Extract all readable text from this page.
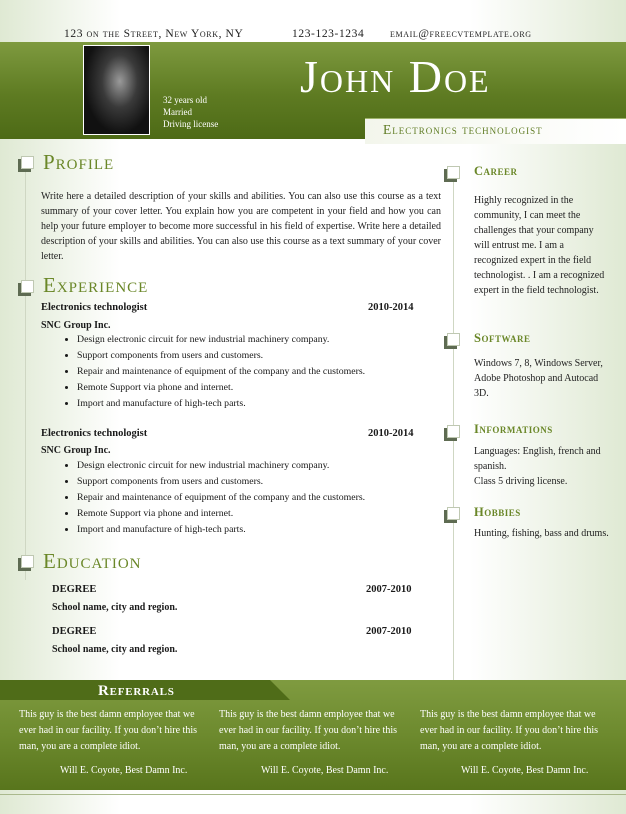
123 on the Street, New York, NY	123-123-1234 email@freecvtemplate.org
32 years old
Married
Driving license
John Doe
Electronics technologist
Profile
Write here a detailed description of your skills and abilities. You can also use this course as a text summary of your cover letter. You explain how you are competent in your field and how you can help your future employer to become more successful in his field of expertise. Write here a detailed description of your skills and abilities. You can also use this course as a text summary of your cover letter.
Experience
Electronics technologist	2010-2014
SNC Group Inc.
• Design electronic circuit for new industrial machinery company.
• Support components from users and customers.
• Repair and maintenance of equipment of the company and the customers.
• Remote Support via phone and internet.
• Import and manufacture of high-tech parts.
Electronics technologist	2010-2014
SNC Group Inc.
• Design electronic circuit for new industrial machinery company.
• Support components from users and customers.
• Repair and maintenance of equipment of the company and the customers.
• Remote Support via phone and internet.
• Import and manufacture of high-tech parts.
Education
DEGREE	2007-2010
School name, city and region.
DEGREE	2007-2010
School name, city and region.
Career
Highly recognized in the community, I can meet the challenges that your company will entrust me. I am a recognized expert in the field technologist. . I am a recognized expert in the field technologist.
Software
Windows 7, 8, Windows Server, Adobe Photoshop and Autocad 3D.
Informations
Languages: English, french and spanish.
Class 5 driving license.
Hobbies
Hunting, fishing, bass and drums.
Referrals
This guy is the best damn employee that we ever had in our facility. If you don’t hire this man, you are a complete idiot.
This guy is the best damn employee that we ever had in our facility. If you don’t hire this man, you are a complete idiot.
This guy is the best damn employee that we ever had in our facility. If you don’t hire this man, you are a complete idiot.
Will E. Coyote, Best Damn Inc.	Will E. Coyote, Best Damn Inc.	Will E. Coyote, Best Damn Inc.
